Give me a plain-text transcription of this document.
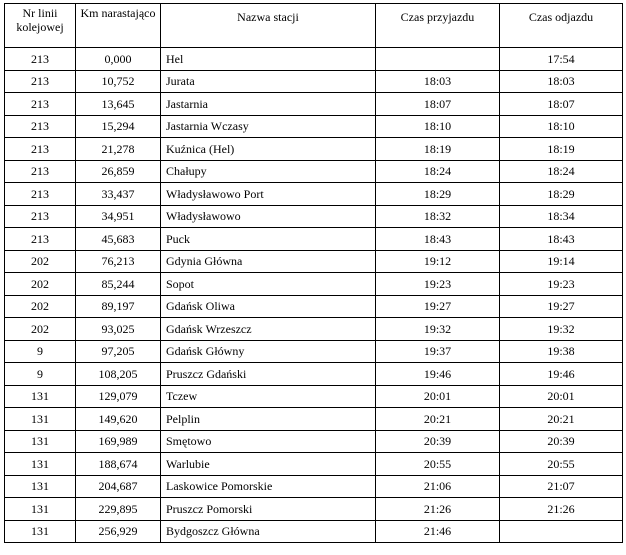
Nr linii kolejowej	Km narastająco	Nazwa stacji	Czas przyjazdu	Czas odjazdu
213	0,000	Hel		17:54
213	10,752	Jurata	18:03	18:03
213	13,645	Jastarnia	18:07	18:07
213	15,294	Jastarnia Wczasy	18:10	18:10
213	21,278	Kuźnica (Hel)	18:19	18:19
213	26,859	Chałupy	18:24	18:24
213	33,437	Władysławowo Port	18:29	18:29
213	34,951	Władysławowo	18:32	18:34
213	45,683	Puck	18:43	18:43
202	76,213	Gdynia Główna	19:12	19:14
202	85,244	Sopot	19:23	19:23
202	89,197	Gdańsk Oliwa	19:27	19:27
202	93,025	Gdańsk Wrzeszcz	19:32	19:32
9	97,205	Gdańsk Główny	19:37	19:38
9	108,205	Pruszcz Gdański	19:46	19:46
131	129,079	Tczew	20:01	20:01
131	149,620	Pelplin	20:21	20:21
131	169,989	Smętowo	20:39	20:39
131	188,674	Warlubie	20:55	20:55
131	204,687	Laskowice Pomorskie	21:06	21:07
131	229,895	Pruszcz Pomorski	21:26	21:26
131	256,929	Bydgoszcz Główna	21:46	
